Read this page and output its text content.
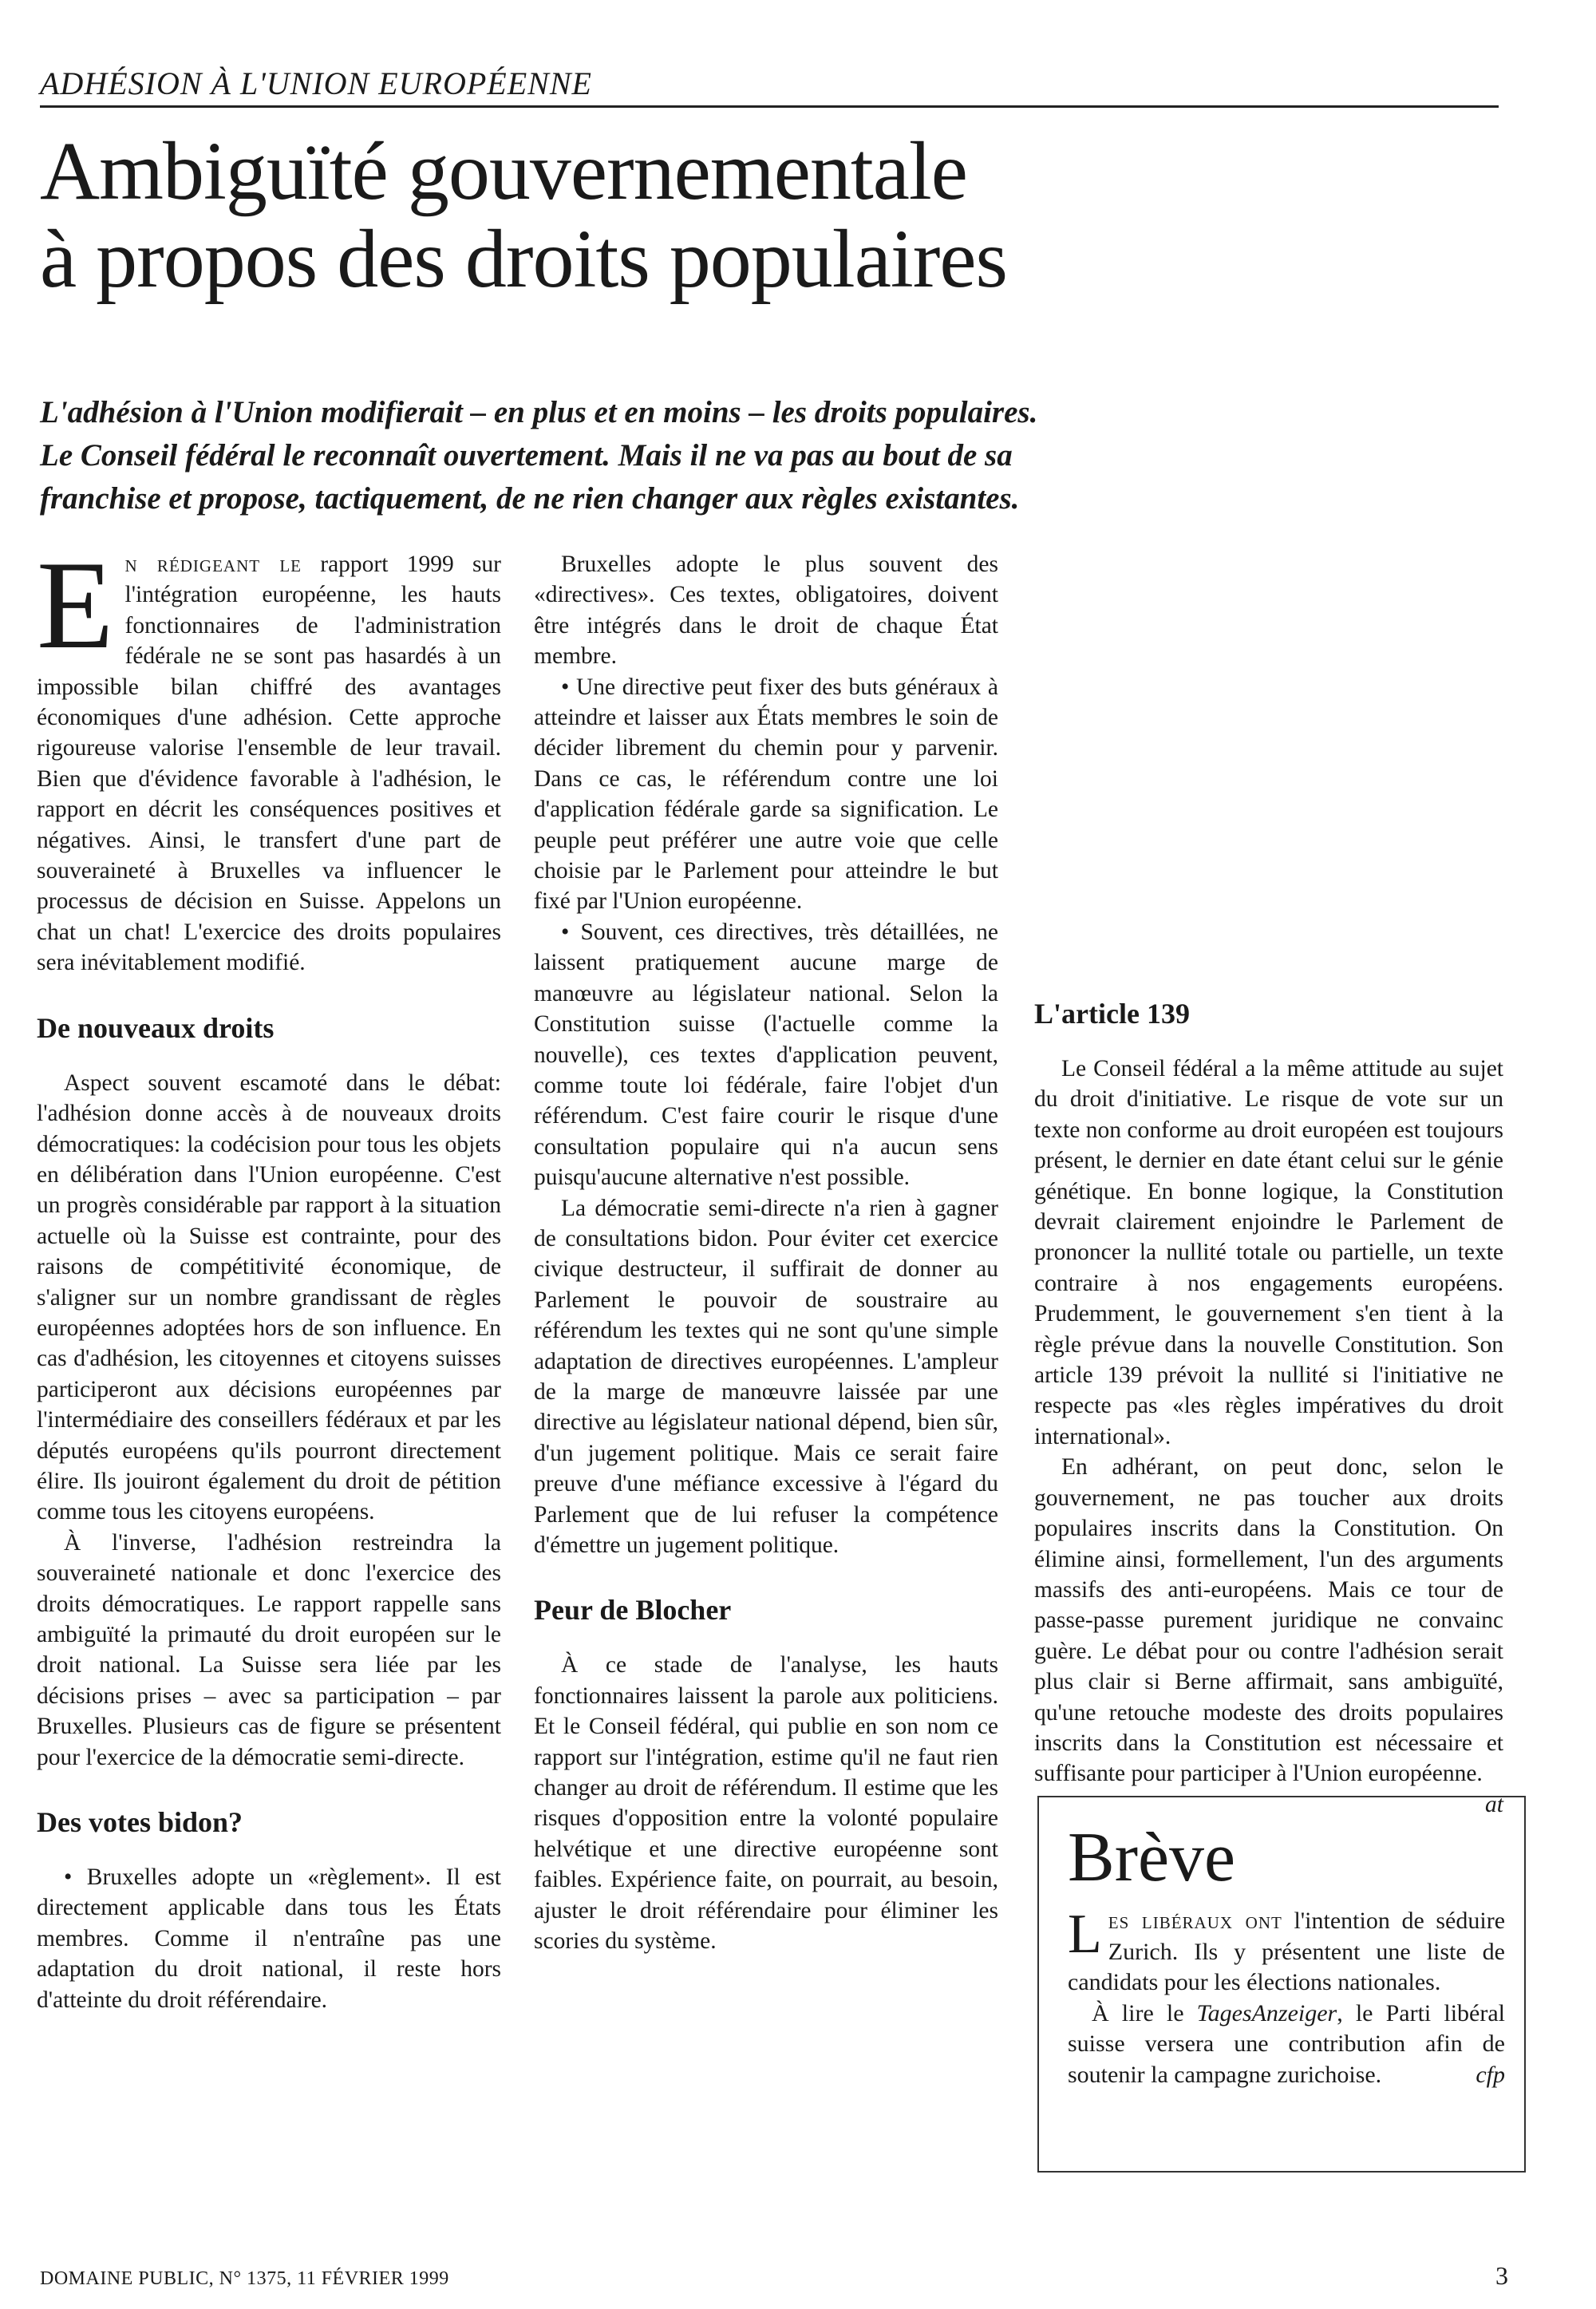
ADHÉSION À L'UNION EUROPÉENNE
Ambiguïté gouvernementale
à propos des droits populaires
L'adhésion à l'Union modifierait – en plus et en moins – les droits populaires.
Le Conseil fédéral le reconnaît ouvertement. Mais il ne va pas au bout de sa
franchise et propose, tactiquement, de ne rien changer aux règles existantes.

En rédigeant le rapport 1999 sur l'intégration européenne, les hauts fonctionnaires de l'administration fédérale ne se sont pas hasardés à un impossible bilan chiffré des avantages économiques d'une adhésion. Cette approche rigoureuse valorise l'ensemble de leur travail. Bien que d'évidence favorable à l'adhésion, le rapport en décrit les conséquences positives et négatives. Ainsi, le transfert d'une part de souveraineté à Bruxelles va influencer le processus de décision en Suisse. Appelons un chat un chat! L'exercice des droits populaires sera inévitablement modifié.

De nouveaux droits

Aspect souvent escamoté dans le débat: l'adhésion donne accès à de nouveaux droits démocratiques: la codécision pour tous les objets en délibération dans l'Union européenne. C'est un progrès considérable par rapport à la situation actuelle où la Suisse est contrainte, pour des raisons de compétitivité économique, de s'aligner sur un nombre grandissant de règles européennes adoptées hors de son influence. En cas d'adhésion, les citoyennes et citoyens suisses participeront aux décisions européennes par l'intermédiaire des conseillers fédéraux et par les députés européens qu'ils pourront directement élire. Ils jouiront également du droit de pétition comme tous les citoyens européens.

À l'inverse, l'adhésion restreindra la souveraineté nationale et donc l'exercice des droits démocratiques. Le rapport rappelle sans ambiguïté la primauté du droit européen sur le droit national. La Suisse sera liée par les décisions prises – avec sa participation – par Bruxelles. Plusieurs cas de figure se présentent pour l'exercice de la démocratie semi-directe.

Des votes bidon?

• Bruxelles adopte un «règlement». Il est directement applicable dans tous les États membres. Comme il n'entraîne pas une adaptation du droit national, il reste hors d'atteinte du droit référendaire.

Bruxelles adopte le plus souvent des «directives». Ces textes, obligatoires, doivent être intégrés dans le droit de chaque État membre.

• Une directive peut fixer des buts généraux à atteindre et laisser aux États membres le soin de décider librement du chemin pour y parvenir. Dans ce cas, le référendum contre une loi d'application fédérale garde sa signification. Le peuple peut préférer une autre voie que celle choisie par le Parlement pour atteindre le but fixé par l'Union européenne.

• Souvent, ces directives, très détaillées, ne laissent pratiquement aucune marge de manœuvre au législateur national. Selon la Constitution suisse (l'actuelle comme la nouvelle), ces textes d'application peuvent, comme toute loi fédérale, faire l'objet d'un référendum. C'est faire courir le risque d'une consultation populaire qui n'a aucun sens puisqu'aucune alternative n'est possible.

La démocratie semi-directe n'a rien à gagner de consultations bidon. Pour éviter cet exercice civique destructeur, il suffirait de donner au Parlement le pouvoir de soustraire au référendum les textes qui ne sont qu'une simple adaptation de directives européennes. L'ampleur de la marge de manœuvre laissée par une directive au législateur national dépend, bien sûr, d'un jugement politique. Mais ce serait faire preuve d'une méfiance excessive à l'égard du Parlement que de lui refuser la compétence d'émettre un jugement politique.

Peur de Blocher

À ce stade de l'analyse, les hauts fonctionnaires laissent la parole aux politiciens. Et le Conseil fédéral, qui publie en son nom ce rapport sur l'intégration, estime qu'il ne faut rien changer au droit de référendum. Il estime que les risques d'opposition entre la volonté populaire helvétique et une directive européenne sont faibles. Expérience faite, on pourrait, au besoin, ajuster le droit référendaire pour éliminer les scories du système.

L'article 139

Le Conseil fédéral a la même attitude au sujet du droit d'initiative. Le risque de vote sur un texte non conforme au droit européen est toujours présent, le dernier en date étant celui sur le génie génétique. En bonne logique, la Constitution devrait clairement enjoindre le Parlement de prononcer la nullité totale ou partielle, un texte contraire à nos engagements européens. Prudemment, le gouvernement s'en tient à la règle prévue dans la nouvelle Constitution. Son article 139 prévoit la nullité si l'initiative ne respecte pas «les règles impératives du droit international».

En adhérant, on peut donc, selon le gouvernement, ne pas toucher aux droits populaires inscrits dans la Constitution. On élimine ainsi, formellement, l'un des arguments massifs des anti-européens. Mais ce tour de passe-passe purement juridique ne convainc guère. Le débat pour ou contre l'adhésion serait plus clair si Berne affirmait, sans ambiguïté, qu'une retouche modeste des droits populaires inscrits dans la Constitution est nécessaire et suffisante pour participer à l'Union européenne.
at

Brève

Les libéraux ont l'intention de séduire Zurich. Ils y présentent une liste de candidats pour les élections nationales.

À lire le TagesAnzeiger, le Parti libéral suisse versera une contribution afin de soutenir la campagne zurichoise.	cfp

DOMAINE PUBLIC, N° 1375, 11 FÉVRIER 1999	3
